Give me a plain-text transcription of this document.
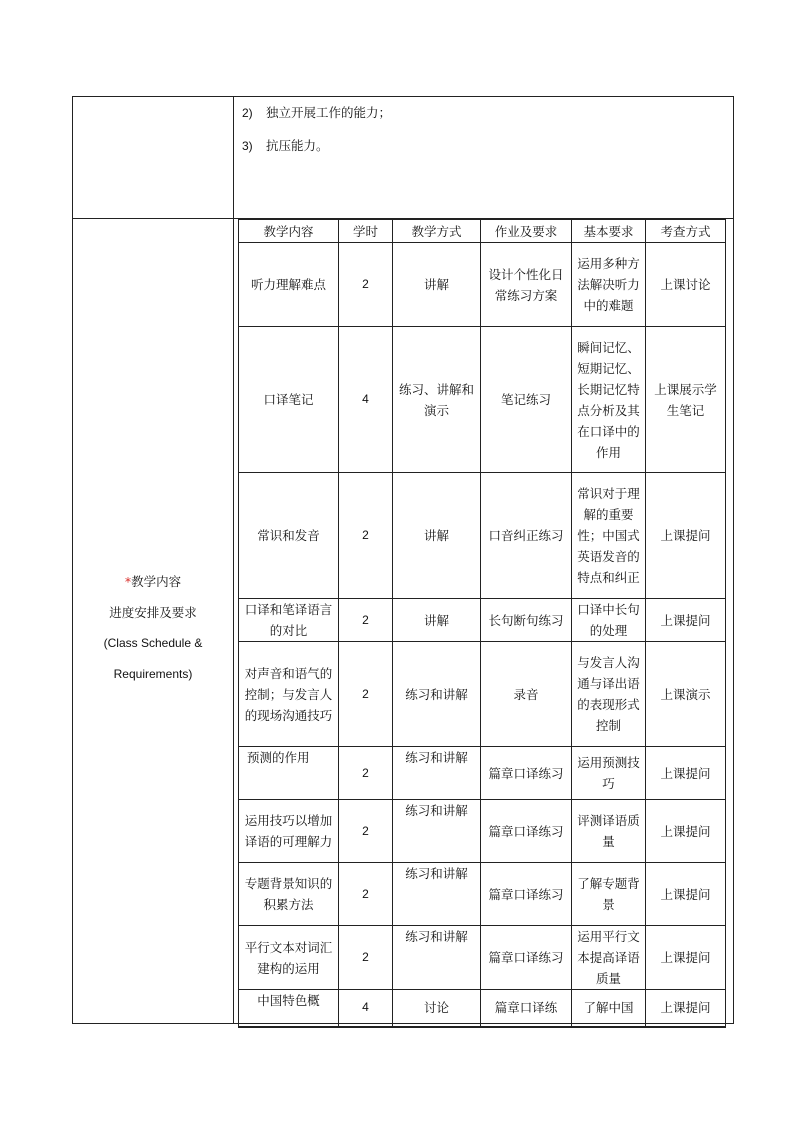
2) 独立开展工作的能力；
3) 抗压能力。
*教学内容
进度安排及要求
(Class Schedule &
Requirements)
教学内容	学时	教学方式	作业及要求	基本要求	考查方式
听力理解难点	2	讲解	设计个性化日常练习方案	运用多种方法解决听力中的难题	上课讨论
口译笔记	4	练习、讲解和演示	笔记练习	瞬间记忆、短期记忆、长期记忆特点分析及其在口译中的作用	上课展示学生笔记
常识和发音	2	讲解	口音纠正练习	常识对于理解的重要性；中国式英语发音的特点和纠正	上课提问
口译和笔译语言的对比	2	讲解	长句断句练习	口译中长句的处理	上课提问
对声音和语气的控制；与发言人的现场沟通技巧	2	练习和讲解	录音	与发言人沟通与译出语的表现形式控制	上课演示
预测的作用	2	练习和讲解	篇章口译练习	运用预测技巧	上课提问
运用技巧以增加译语的可理解力	2	练习和讲解	篇章口译练习	评测译语质量	上课提问
专题背景知识的积累方法	2	练习和讲解	篇章口译练习	了解专题背景	上课提问
平行文本对词汇建构的运用	2	练习和讲解	篇章口译练习	运用平行文本提高译语质量	上课提问
中国特色概	4	讨论	篇章口译练	了解中国	上课提问
